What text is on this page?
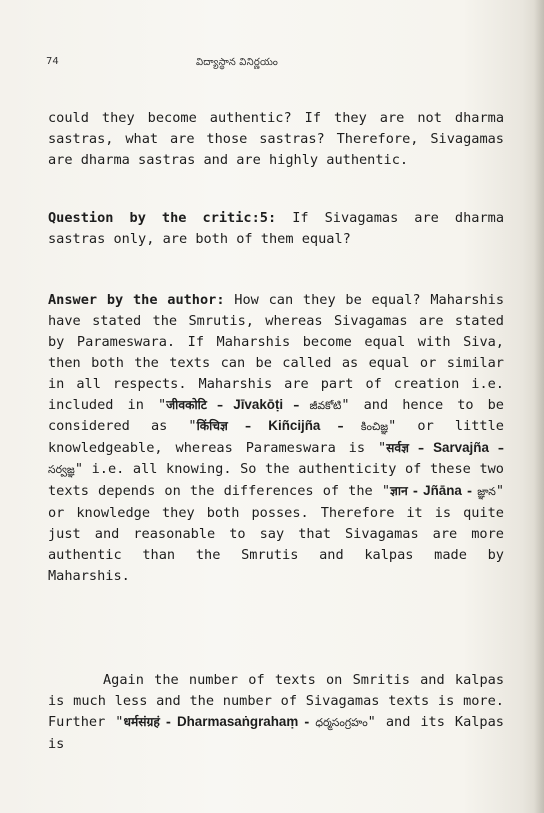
74	విద్యాస్థాన వినిర్ణయం

could they become authentic? If they are not dharma sastras, what are those sastras? Therefore, Sivagamas are dharma sastras and are highly authentic.

Question by the critic:5: If Sivagamas are dharma sastras only, are both of them equal?

Answer by the author: How can they be equal? Maharshis have stated the Smrutis, whereas Sivagamas are stated by Parameswara. If Maharshis become equal with Siva, then both the texts can be called as equal or similar in all respects. Maharshis are part of creation i.e. included in "जीवकोटि – Jīvakōṭi – జీవకోటి" and hence to be considered as "किंचिज्ञ – Kiñcijña – కించిజ్ఞ" or little knowledgeable, whereas Parameswara is "सर्वज्ञ – Sarvajña – సర్వజ్ఞ" i.e. all knowing. So the authenticity of these two texts depends on the differences of the "ज्ञान - Jñāna - జ్ఞాన" or knowledge they both posses. Therefore it is quite just and reasonable to say that Sivagamas are more authentic than the Smrutis and kalpas made by Maharshis.

Again the number of texts on Smritis and kalpas is much less and the number of Sivagamas texts is more. Further "धर्मसंग्रहं - Dharmasaṅgrahaṃ - ధర్మసంగ్రహం" and its Kalpas is
